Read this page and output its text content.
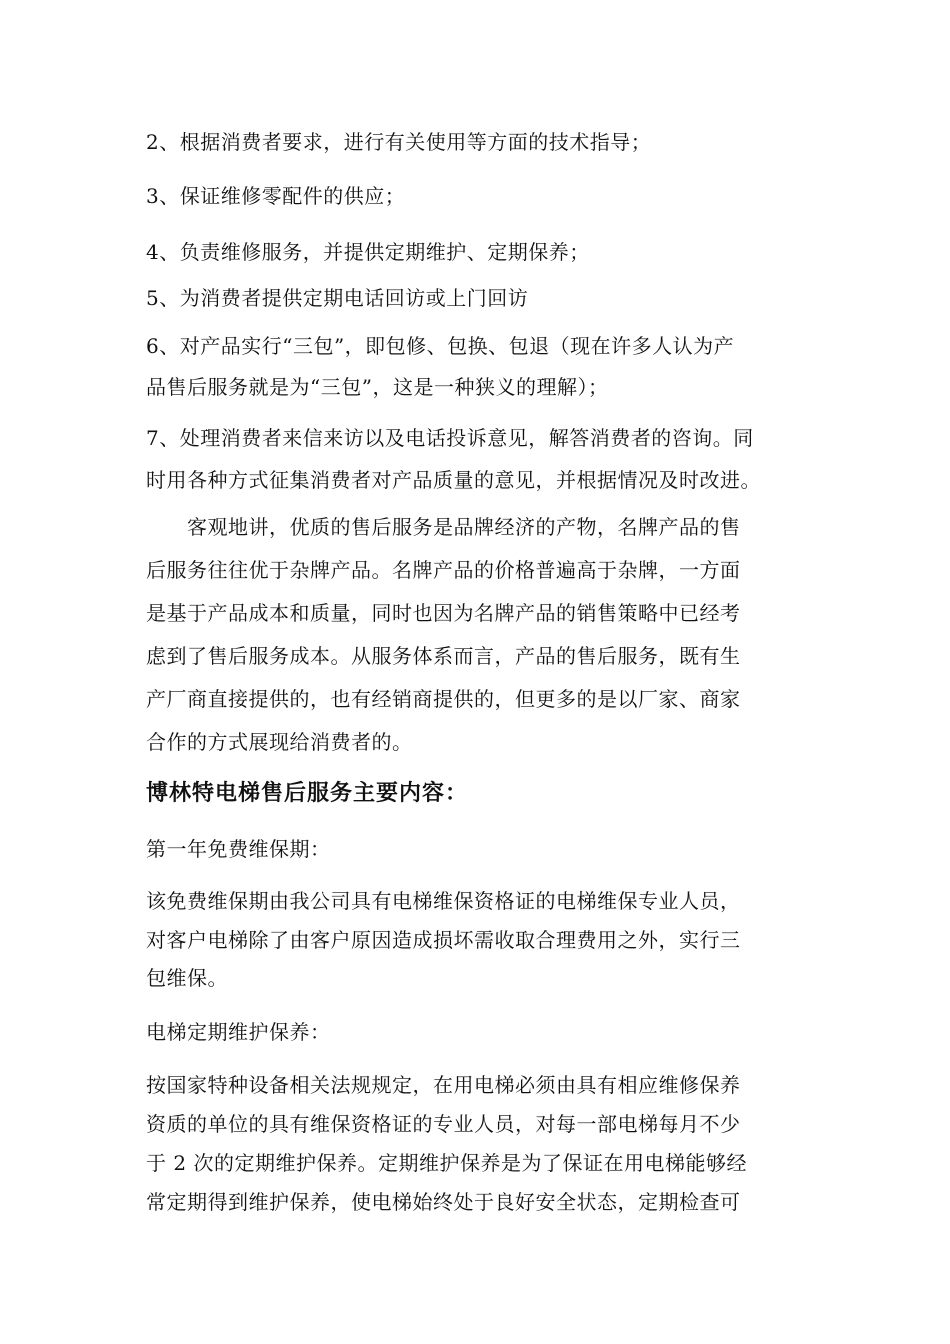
2、根据消费者要求，进行有关使用等方面的技术指导；
3、保证维修零配件的供应；
4、负责维修服务，并提供定期维护、定期保养；
5、为消费者提供定期电话回访或上门回访
6、对产品实行“三包”，即包修、包换、包退（现在许多人认为产
品售后服务就是为“三包”，这是一种狭义的理解）；
7、处理消费者来信来访以及电话投诉意见，解答消费者的咨询。同
时用各种方式征集消费者对产品质量的意见，并根据情况及时改进。
　　客观地讲，优质的售后服务是品牌经济的产物，名牌产品的售
后服务往往优于杂牌产品。名牌产品的价格普遍高于杂牌，一方面
是基于产品成本和质量，同时也因为名牌产品的销售策略中已经考
虑到了售后服务成本。从服务体系而言，产品的售后服务，既有生
产厂商直接提供的，也有经销商提供的，但更多的是以厂家、商家
合作的方式展现给消费者的。
博林特电梯售后服务主要内容：
第一年免费维保期：
该免费维保期由我公司具有电梯维保资格证的电梯维保专业人员，
对客户电梯除了由客户原因造成损坏需收取合理费用之外，实行三
包维保。
电梯定期维护保养：
按国家特种设备相关法规规定，在用电梯必须由具有相应维修保养
资质的单位的具有维保资格证的专业人员，对每一部电梯每月不少
于 2 次的定期维护保养。定期维护保养是为了保证在用电梯能够经
常定期得到维护保养，使电梯始终处于良好安全状态，定期检查可
